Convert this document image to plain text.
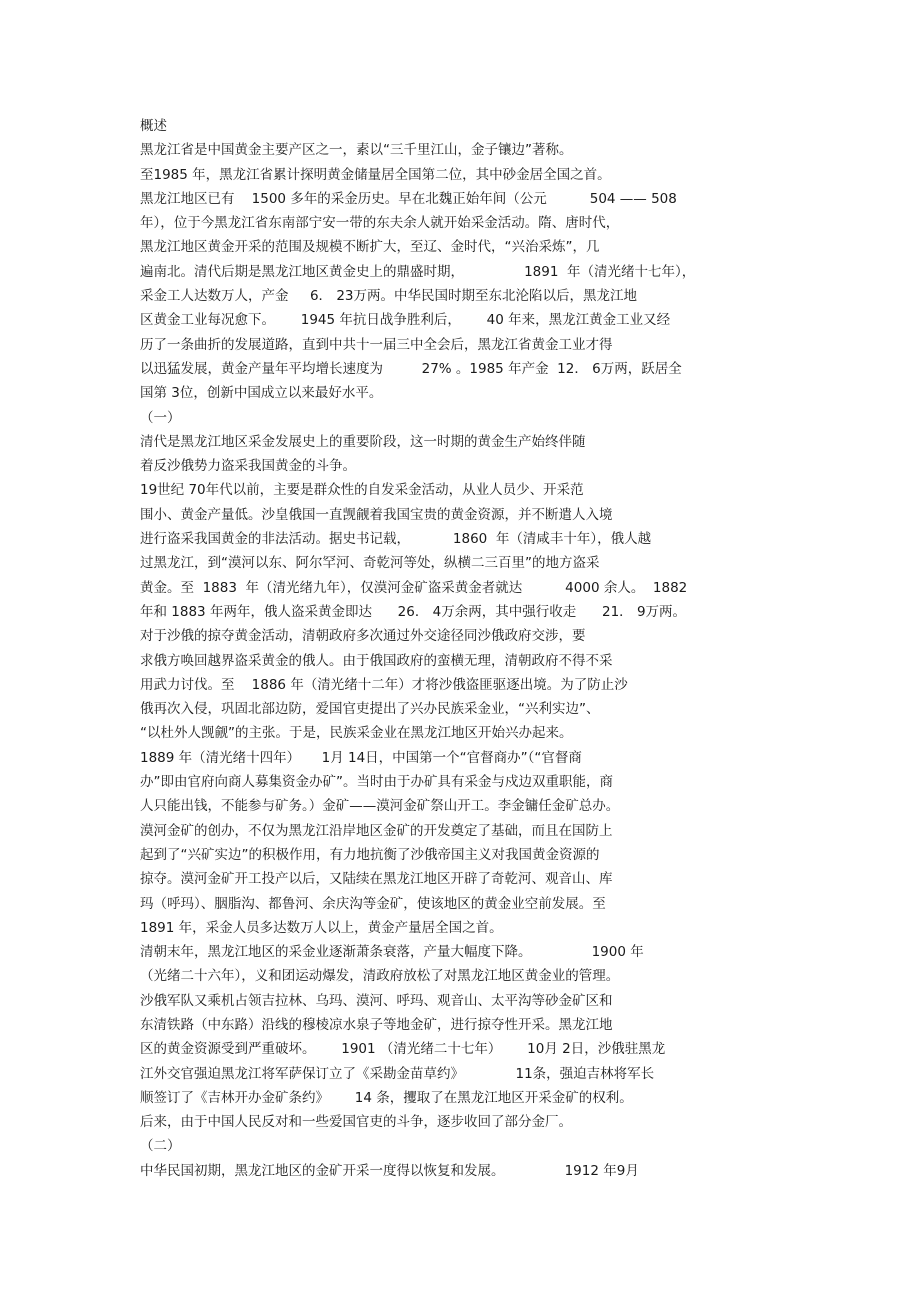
概述
黑龙江省是中国黄金主要产区之一，素以“三千里江山，金子镶边”著称。
至1985 年，黑龙江省累计探明黄金储量居全国第二位，其中砂金居全国之首。
黑龙江地区已有    1500 多年的采金历史。早在北魏正始年间（公元          504 —— 508
年），位于今黑龙江省东南部宁安一带的东夫余人就开始采金活动。隋、唐时代，
黑龙江地区黄金开采的范围及规模不断扩大，至辽、金时代，“兴治采炼”，几
遍南北。清代后期是黑龙江地区黄金史上的鼎盛时期，              1891  年（清光绪十七年），
采金工人达数万人，产金     6． 23万两。中华民国时期至东北沦陷以后，黑龙江地
区黄金工业每况愈下。      1945 年抗日战争胜利后，      40 年来，黑龙江黄金工业又经
历了一条曲折的发展道路，直到中共十一届三中全会后，黑龙江省黄金工业才得
以迅猛发展，黄金产量年平均增长速度为         27% 。1985 年产金  12． 6万两，跃居全
国第 3位，创新中国成立以来最好水平。
（一）
清代是黑龙江地区采金发展史上的重要阶段，这一时期的黄金生产始终伴随
着反沙俄势力盗采我国黄金的斗争。
19世纪 70年代以前，主要是群众性的自发采金活动，从业人员少、开采范
围小、黄金产量低。沙皇俄国一直觊觎着我国宝贵的黄金资源，并不断遣人入境
进行盗采我国黄金的非法活动。据史书记载，          1860  年（清咸丰十年），俄人越
过黑龙江，到“漠河以东、阿尔罕河、奇乾河等处，纵横二三百里”的地方盗采
黄金。至  1883  年（清光绪九年），仅漠河金矿盗采黄金者就达          4000 余人。  1882
年和 1883 年两年，俄人盗采黄金即达      26． 4万余两，其中强行收走      21． 9万两。
对于沙俄的掠夺黄金活动，清朝政府多次通过外交途径同沙俄政府交涉，要
求俄方唤回越界盗采黄金的俄人。由于俄国政府的蛮横无理，清朝政府不得不采
用武力讨伐。至    1886 年（清光绪十二年）才将沙俄盗匪驱逐出境。为了防止沙
俄再次入侵，巩固北部边防，爱国官吏提出了兴办民族采金业，“兴利实边”、
“以杜外人觊觎”的主张。于是，民族采金业在黑龙江地区开始兴办起来。
1889 年（清光绪十四年）     1月 14日，中国第一个“官督商办”（“官督商
办”即由官府向商人募集资金办矿”。当时由于办矿具有采金与戍边双重职能，商
人只能出钱，不能参与矿务。）金矿——漠河金矿祭山开工。李金镛任金矿总办。
漠河金矿的创办，不仅为黑龙江沿岸地区金矿的开发奠定了基础，而且在国防上
起到了“兴矿实边”的积极作用，有力地抗衡了沙俄帝国主义对我国黄金资源的
掠夺。漠河金矿开工投产以后，又陆续在黑龙江地区开辟了奇乾河、观音山、库
玛（呼玛）、胭脂沟、都鲁河、余庆沟等金矿，使该地区的黄金业空前发展。至
1891 年，采金人员多达数万人以上，黄金产量居全国之首。
清朝末年，黑龙江地区的采金业逐渐萧条衰落，产量大幅度下降。              1900 年
（光绪二十六年），义和团运动爆发，清政府放松了对黑龙江地区黄金业的管理。
沙俄军队又乘机占领吉拉林、乌玛、漠河、呼玛、观音山、太平沟等砂金矿区和
东清铁路（中东路）沿线的穆棱凉水泉子等地金矿，进行掠夺性开采。黑龙江地
区的黄金资源受到严重破坏。      1901 （清光绪二十七年）      10月 2日，沙俄驻黑龙
江外交官强迫黑龙江将军萨保订立了《采勘金苗草约》            11条，强迫吉林将军长
顺签订了《吉林开办金矿条约》      14 条，攫取了在黑龙江地区开采金矿的权利。
后来，由于中国人民反对和一些爱国官吏的斗争，逐步收回了部分金厂。
（二）
中华民国初期，黑龙江地区的金矿开采一度得以恢复和发展。              1912 年9月
